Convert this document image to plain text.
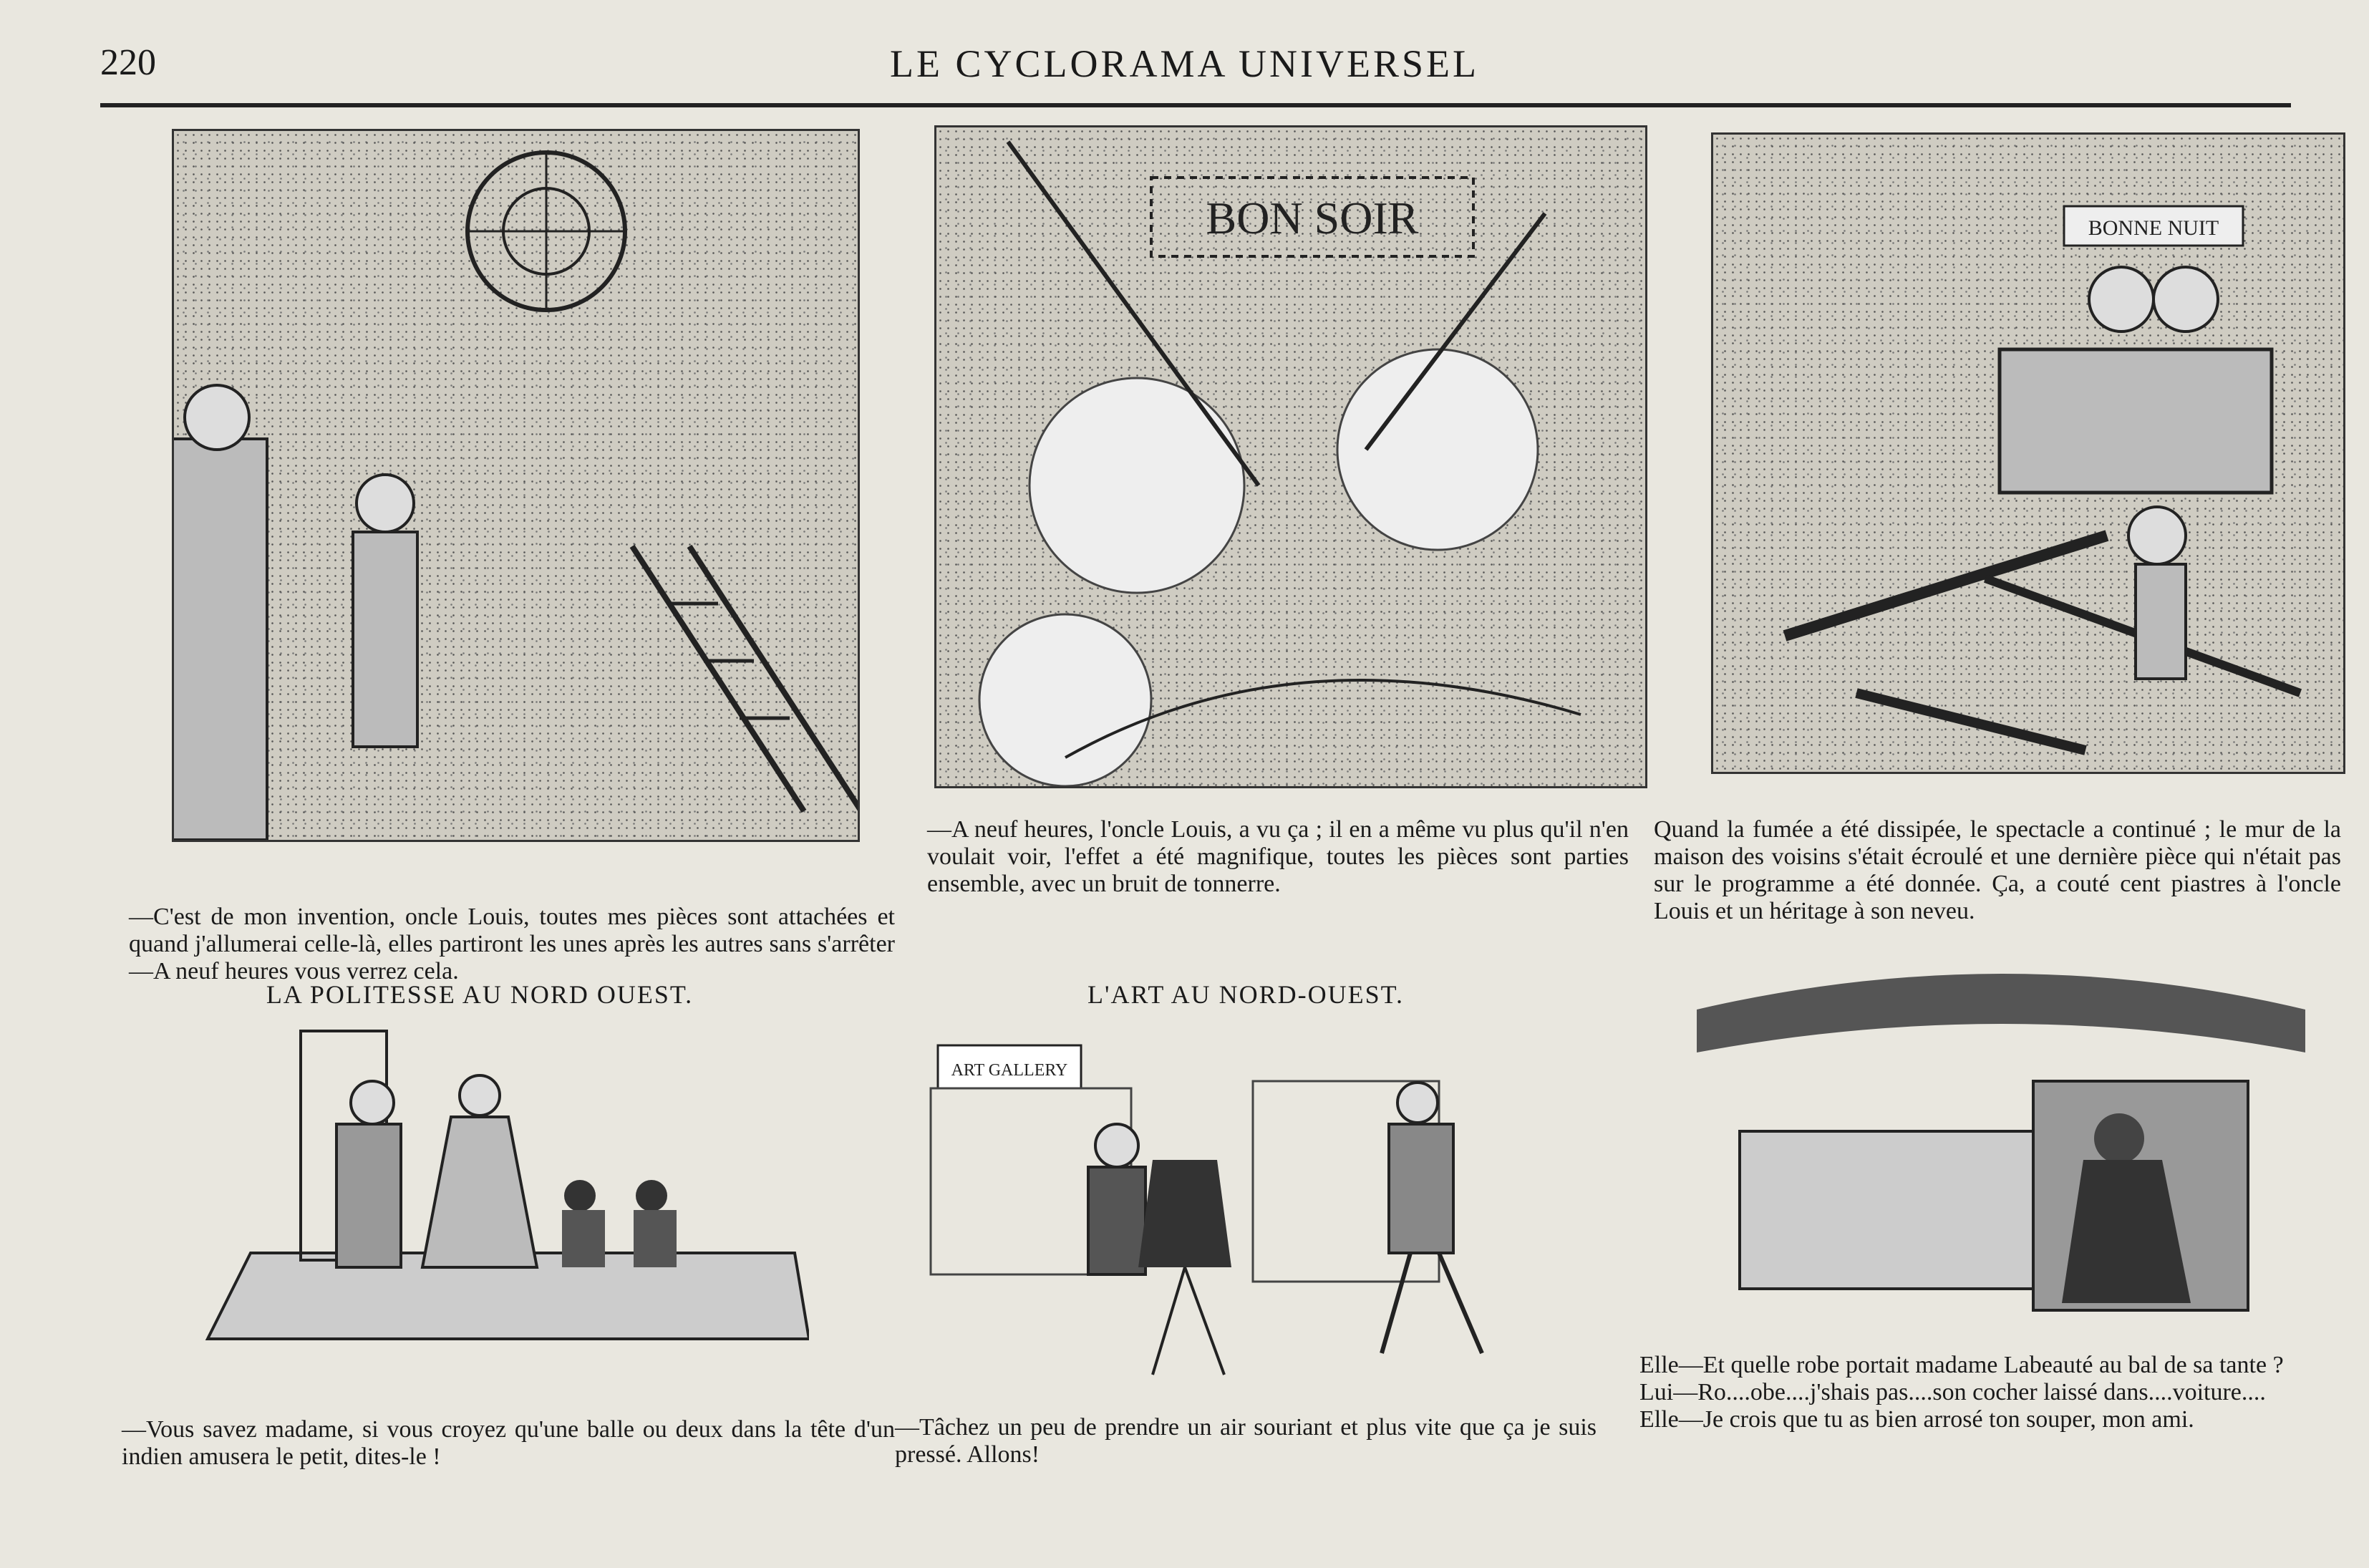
220	LE CYCLORAMA UNIVERSEL
—C'est de mon invention, oncle Louis, toutes mes pièces sont attachées et quand j'allumerai celle-là, elles partiront les unes après les autres sans s'arrêter—A neuf heures vous verrez cela.
BON SOIR
—A neuf heures, l'oncle Louis, a vu ça ; il en a même vu plus qu'il n'en voulait voir, l'effet a été magnifique, toutes les pièces sont parties ensemble, avec un bruit de tonnerre.
BONNE NUIT
Quand la fumée a été dissipée, le spectacle a continué ; le mur de la maison des voisins s'était écroulé et une dernière pièce qui n'était pas sur le programme a été donnée. Ça, a couté cent piastres à l'oncle Louis et un héritage à son neveu.
LA POLITESSE AU NORD OUEST.	L'ART AU NORD-OUEST.
—Vous savez madame, si vous croyez qu'une balle ou deux dans la tête d'un indien amusera le petit, dites-le !
ART GALLERY
—Tâchez un peu de prendre un air souriant et plus vite que ça je suis pressé. Allons!
Elle—Et quelle robe portait madame Labeauté au bal de sa tante ?
Lui—Ro....obe....j'shais pas....son cocher laissé dans....voiture....
Elle—Je crois que tu as bien arrosé ton souper, mon ami.
